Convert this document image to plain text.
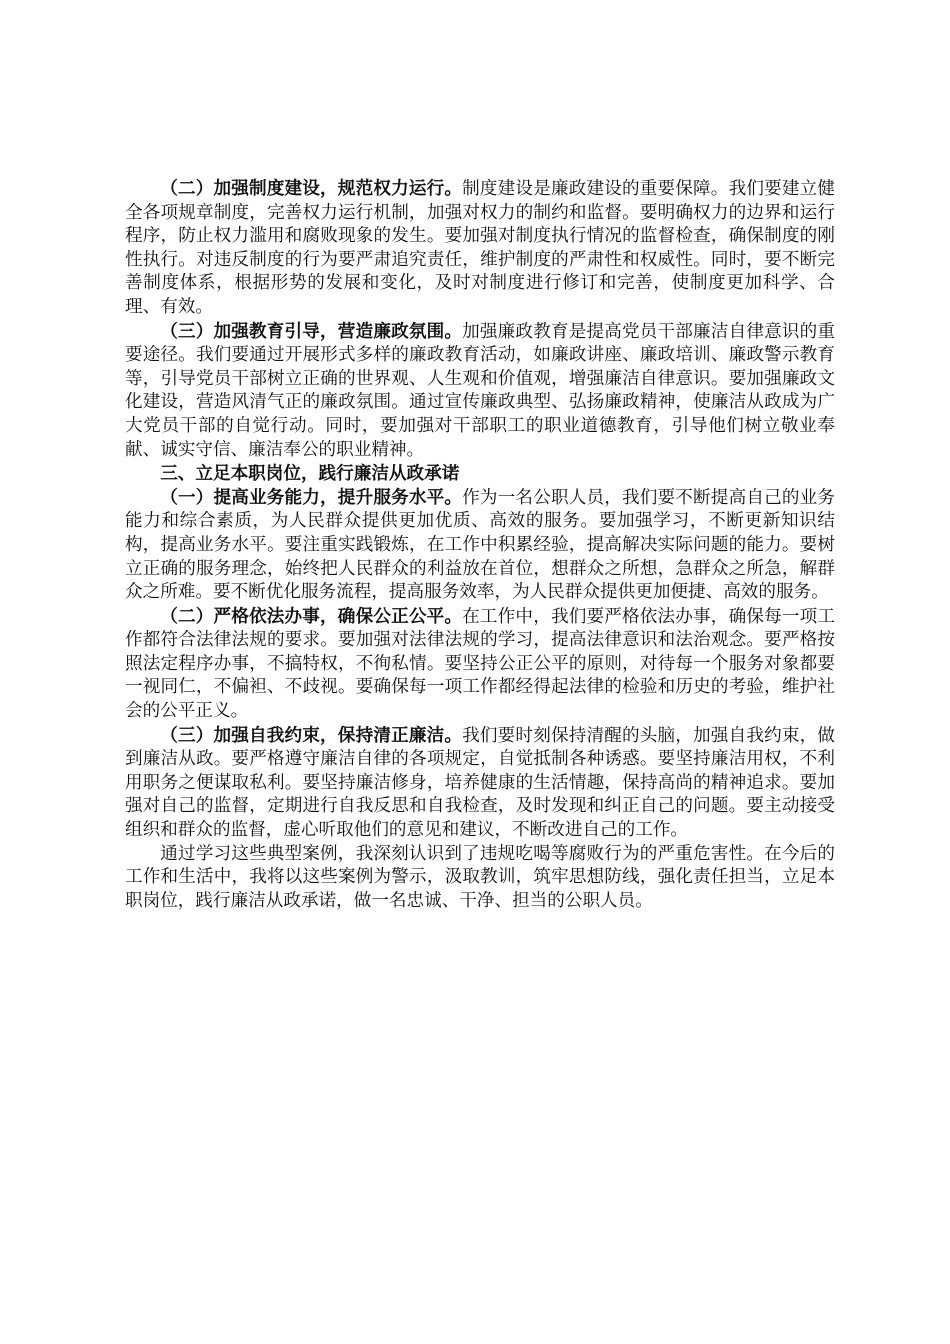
（二）加强制度建设，规范权力运行。制度建设是廉政建设的重要保障。我们要建立健全各项规章制度，完善权力运行机制，加强对权力的制约和监督。要明确权力的边界和运行程序，防止权力滥用和腐败现象的发生。要加强对制度执行情况的监督检查，确保制度的刚性执行。对违反制度的行为要严肃追究责任，维护制度的严肃性和权威性。同时，要不断完善制度体系，根据形势的发展和变化，及时对制度进行修订和完善，使制度更加科学、合理、有效。

（三）加强教育引导，营造廉政氛围。加强廉政教育是提高党员干部廉洁自律意识的重要途径。我们要通过开展形式多样的廉政教育活动，如廉政讲座、廉政培训、廉政警示教育等，引导党员干部树立正确的世界观、人生观和价值观，增强廉洁自律意识。要加强廉政文化建设，营造风清气正的廉政氛围。通过宣传廉政典型、弘扬廉政精神，使廉洁从政成为广大党员干部的自觉行动。同时，要加强对干部职工的职业道德教育，引导他们树立敬业奉献、诚实守信、廉洁奉公的职业精神。

三、立足本职岗位，践行廉洁从政承诺

（一）提高业务能力，提升服务水平。作为一名公职人员，我们要不断提高自己的业务能力和综合素质，为人民群众提供更加优质、高效的服务。要加强学习，不断更新知识结构，提高业务水平。要注重实践锻炼，在工作中积累经验，提高解决实际问题的能力。要树立正确的服务理念，始终把人民群众的利益放在首位，想群众之所想，急群众之所急，解群众之所难。要不断优化服务流程，提高服务效率，为人民群众提供更加便捷、高效的服务。

（二）严格依法办事，确保公正公平。在工作中，我们要严格依法办事，确保每一项工作都符合法律法规的要求。要加强对法律法规的学习，提高法律意识和法治观念。要严格按照法定程序办事，不搞特权，不徇私情。要坚持公正公平的原则，对待每一个服务对象都要一视同仁，不偏袒、不歧视。要确保每一项工作都经得起法律的检验和历史的考验，维护社会的公平正义。

（三）加强自我约束，保持清正廉洁。我们要时刻保持清醒的头脑，加强自我约束，做到廉洁从政。要严格遵守廉洁自律的各项规定，自觉抵制各种诱惑。要坚持廉洁用权，不利用职务之便谋取私利。要坚持廉洁修身，培养健康的生活情趣，保持高尚的精神追求。要加强对自己的监督，定期进行自我反思和自我检查，及时发现和纠正自己的问题。要主动接受组织和群众的监督，虚心听取他们的意见和建议，不断改进自己的工作。

通过学习这些典型案例，我深刻认识到了违规吃喝等腐败行为的严重危害性。在今后的工作和生活中，我将以这些案例为警示，汲取教训，筑牢思想防线，强化责任担当，立足本职岗位，践行廉洁从政承诺，做一名忠诚、干净、担当的公职人员。
